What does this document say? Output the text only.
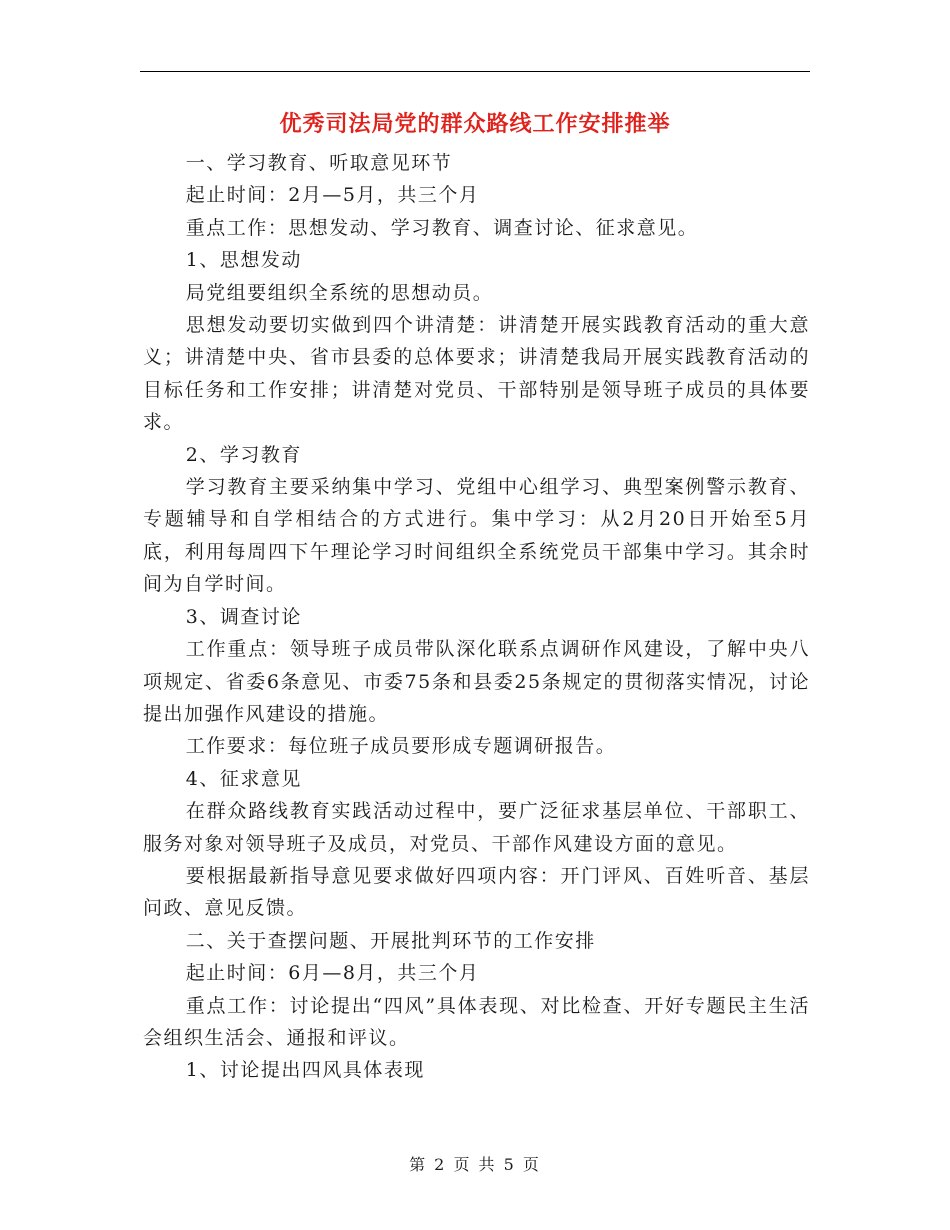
优秀司法局党的群众路线工作安排推举

一、学习教育、听取意见环节

起止时间：2月—5月，共三个月

重点工作：思想发动、学习教育、调查讨论、征求意见。

1、思想发动

局党组要组织全系统的思想动员。

思想发动要切实做到四个讲清楚：讲清楚开展实践教育活动的重大意义；讲清楚中央、省市县委的总体要求；讲清楚我局开展实践教育活动的目标任务和工作安排；讲清楚对党员、干部特别是领导班子成员的具体要求。

2、学习教育

学习教育主要采纳集中学习、党组中心组学习、典型案例警示教育、专题辅导和自学相结合的方式进行。集中学习：从2月20日开始至5月底，利用每周四下午理论学习时间组织全系统党员干部集中学习。其余时间为自学时间。

3、调查讨论

工作重点：领导班子成员带队深化联系点调研作风建设，了解中央八项规定、省委6条意见、市委75条和县委25条规定的贯彻落实情况，讨论提出加强作风建设的措施。

工作要求：每位班子成员要形成专题调研报告。

4、征求意见

在群众路线教育实践活动过程中，要广泛征求基层单位、干部职工、服务对象对领导班子及成员，对党员、干部作风建设方面的意见。

要根据最新指导意见要求做好四项内容：开门评风、百姓听音、基层问政、意见反馈。

二、关于查摆问题、开展批判环节的工作安排

起止时间：6月—8月，共三个月

重点工作：讨论提出“四风”具体表现、对比检查、开好专题民主生活会组织生活会、通报和评议。

1、讨论提出四风具体表现

第 2 页 共 5 页
